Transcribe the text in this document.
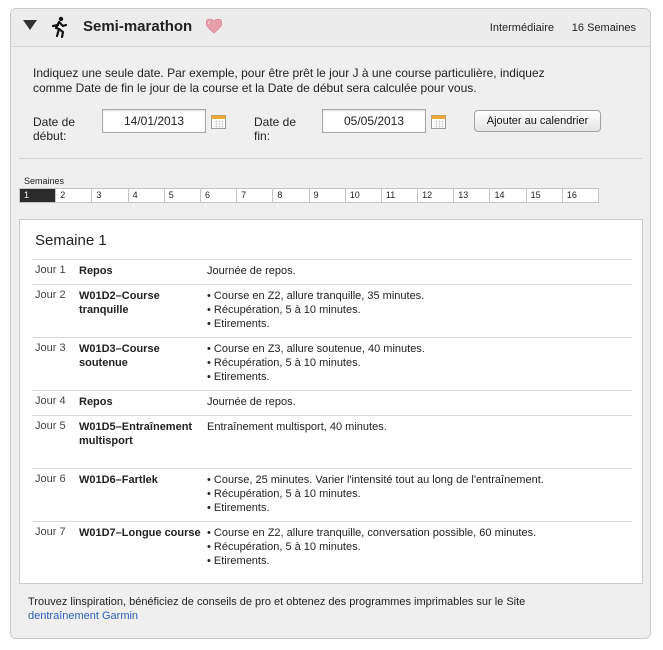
Semi-marathon	Intermédiaire 16 Semaines
Indiquez une seule date. Par exemple, pour être prêt le jour J à une course particulière, indiquez
comme Date de fin le jour de la course et la Date de début sera calculée pour vous.
Date de
début:
14/01/2013
Date de
fin:
05/05/2013
Ajouter au calendrier
Semaines
1	2	3	4	5	6	7	8	9	10	11	12	13	14	15	16
Semaine 1
Jour 1	Repos	Journée de repos.
Jour 2	W01D2–Course tranquille
• Course en Z2, allure tranquille, 35 minutes.
• Récupération, 5 à 10 minutes.
• Etirements.
Jour 3	W01D3–Course soutenue
• Course en Z3, allure soutenue, 40 minutes.
• Récupération, 5 à 10 minutes.
• Etirements.
Jour 4	Repos	Journée de repos.
Jour 5	W01D5–Entraînement multisport
Entraînement multisport, 40 minutes.
Jour 6	W01D6–Fartlek	• Course, 25 minutes. Varier l'intensité tout au long de l'entraînement.
• Récupération, 5 à 10 minutes.
• Etirements.
Jour 7	W01D7–Longue course • Course en Z2, allure tranquille, conversation possible, 60 minutes.
• Récupération, 5 à 10 minutes.
• Etirements.
Trouvez linspiration, bénéficiez de conseils de pro et obtenez des programmes imprimables sur le Site
dentraînement Garmin
